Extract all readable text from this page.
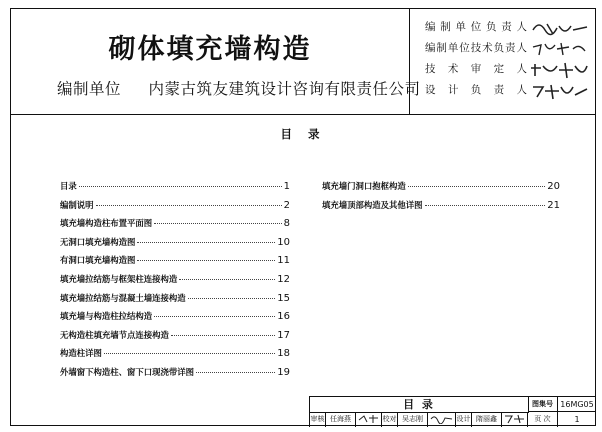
砌体填充墙构造
编制单位 内蒙古筑友建筑设计咨询有限责任公司
编制单位负责人
编制单位技术负责人
技 术 审 定 人
设 计 负 责 人
目 录
目录	1
编制说明	2
填充墙构造柱布置平面图	8
无洞口填充墙构造图	10
有洞口填充墙构造图	11
填充墙拉结筋与框架柱连接构造	12
填充墙拉结筋与混凝土墙连接构造	15
填充墙与构造柱拉结构造	16
无构造柱填充墙节点连接构造	17
构造柱详图	18
外墙窗下构造柱、窗下口现浇带详图	19
填充墙门洞口抱框构造	20
填充墙顶部构造及其他详图	21
目 录	图集号 16MG05
审核 任海燕	校对 吴志刚	设计 隋丽鑫	页 次	1
